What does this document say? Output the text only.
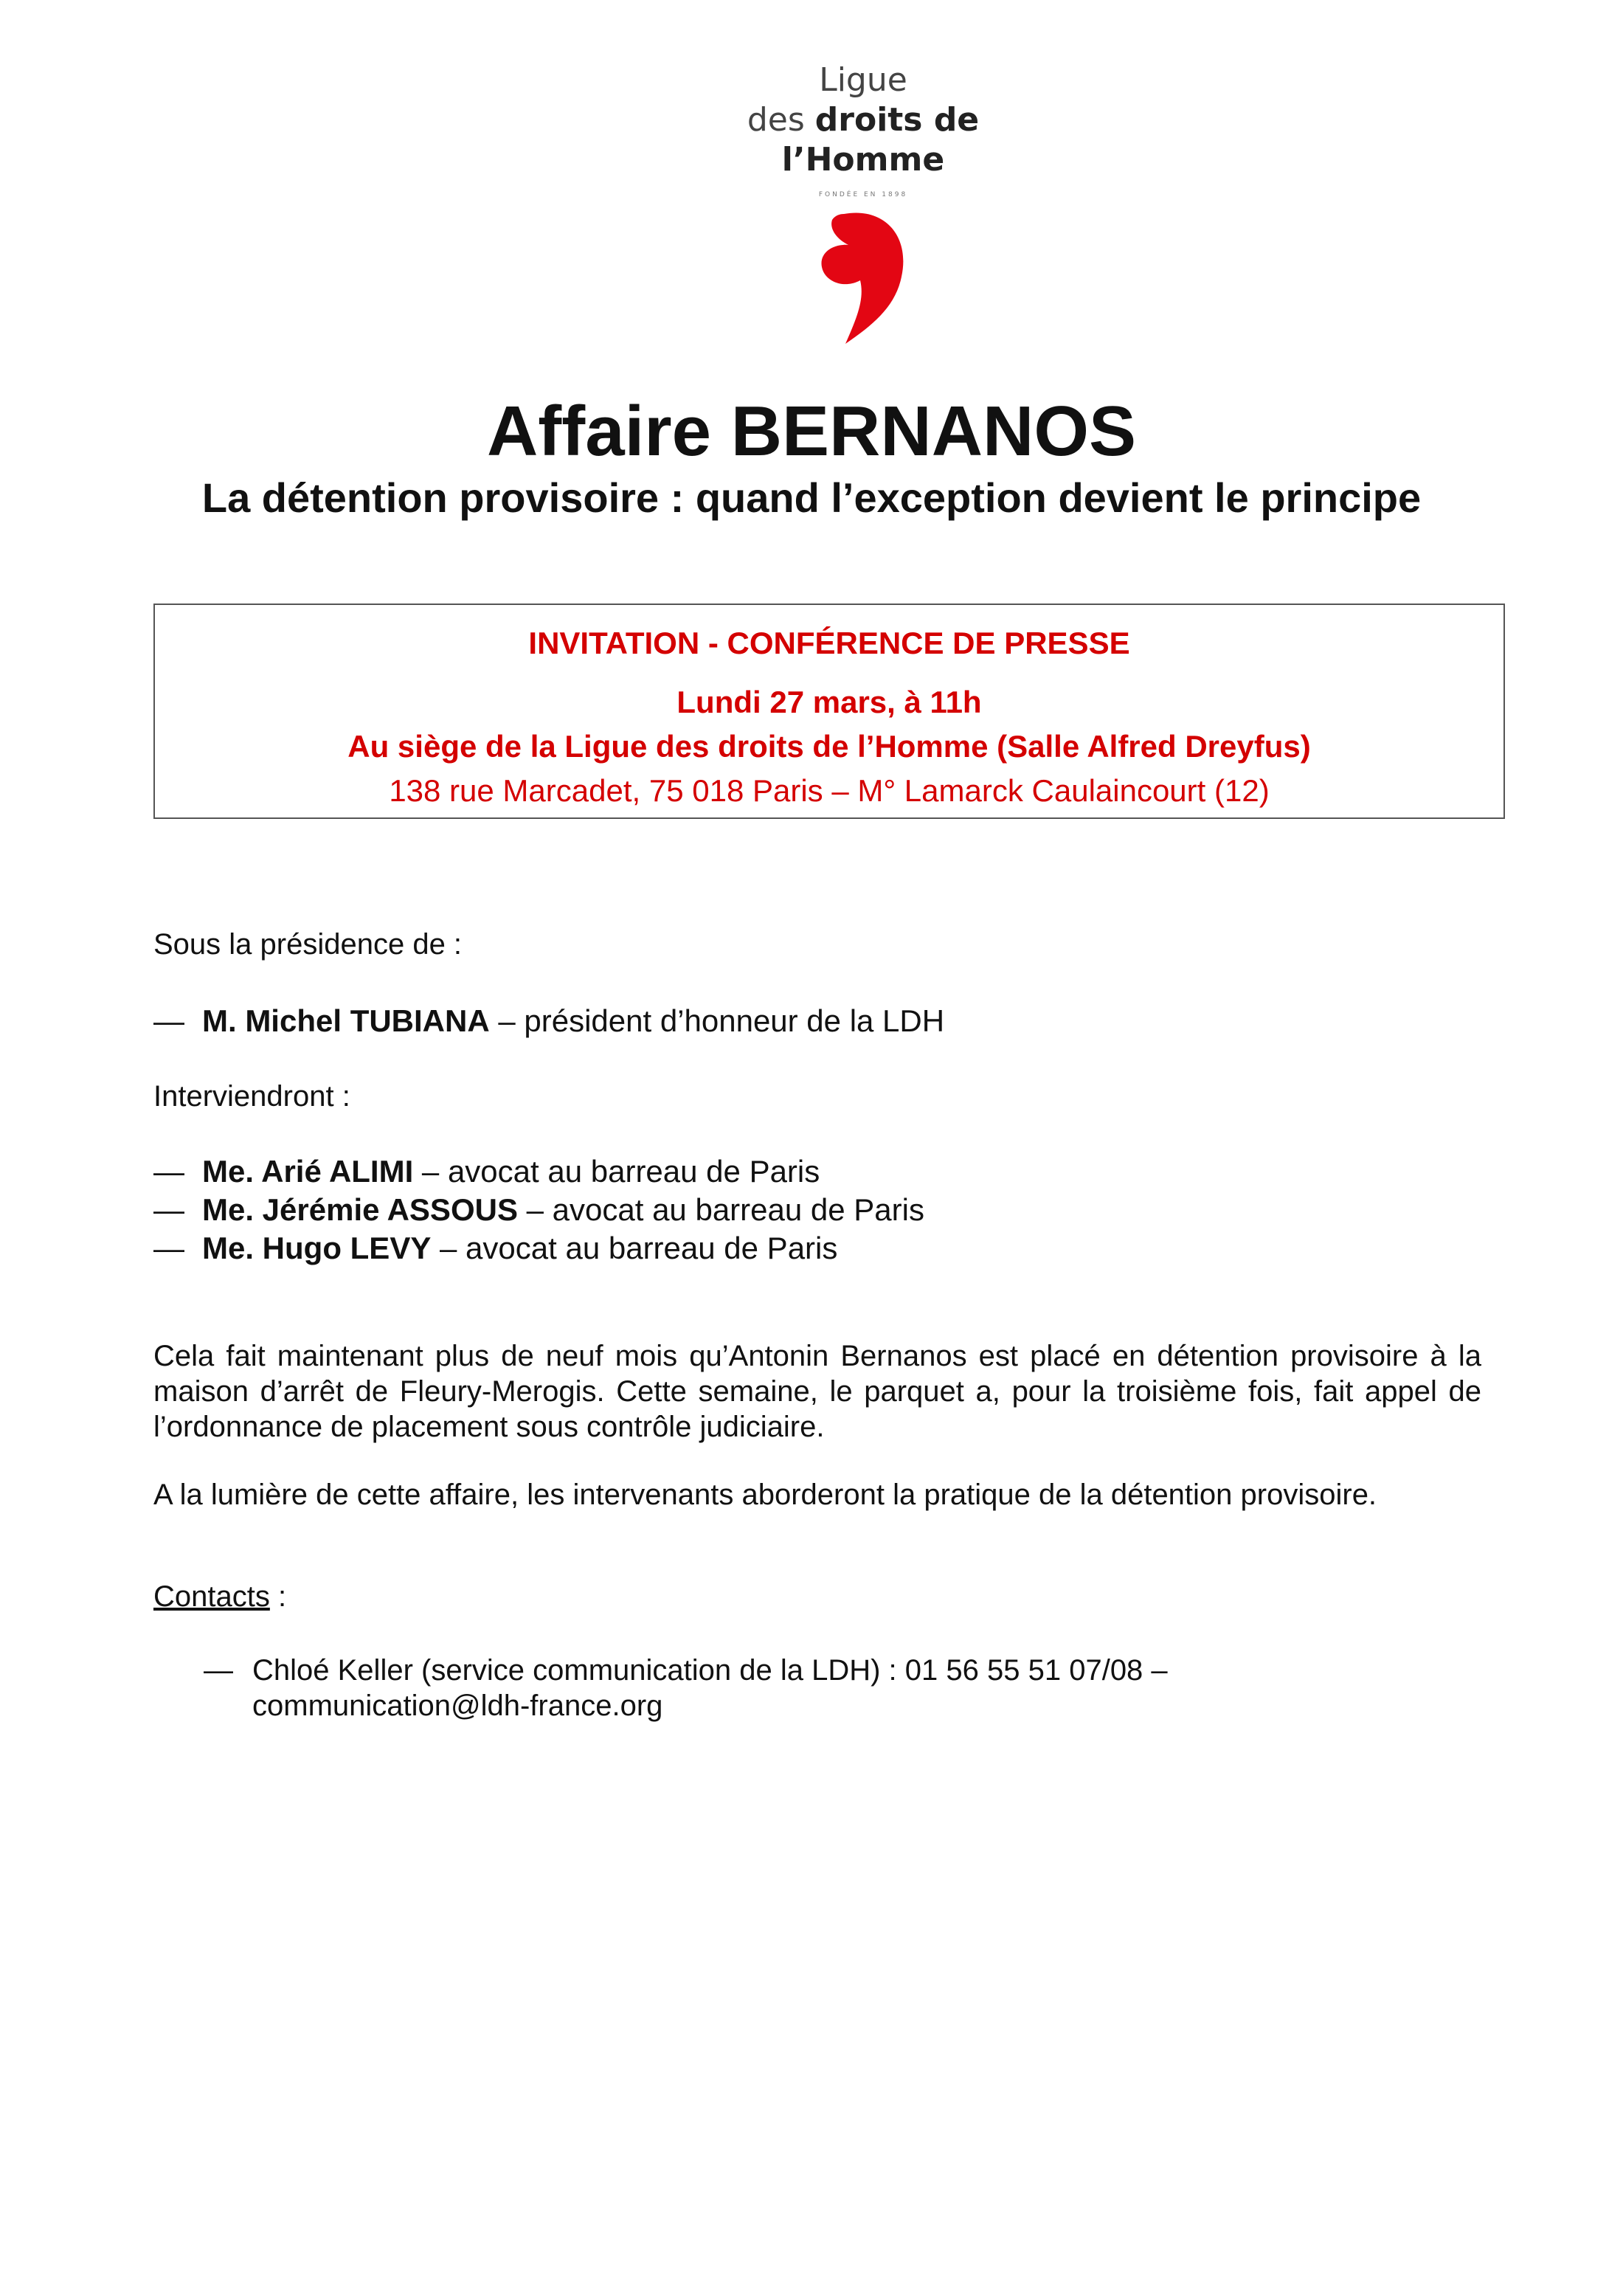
Ligue
des droits de
l’Homme
FONDÉE EN 1898
Affaire BERNANOS
La détention provisoire : quand l’exception devient le principe
INVITATION - CONFÉRENCE DE PRESSE
Lundi 27 mars, à 11h
Au siège de la Ligue des droits de l’Homme (Salle Alfred Dreyfus)
138 rue Marcadet, 75 018 Paris – M° Lamarck Caulaincourt (12)
Sous la présidence de :
— M. Michel TUBIANA – président d’honneur de la LDH
Interviendront :
— Me. Arié ALIMI – avocat au barreau de Paris
— Me. Jérémie ASSOUS – avocat au barreau de Paris
— Me. Hugo LEVY – avocat au barreau de Paris
Cela fait maintenant plus de neuf mois qu’Antonin Bernanos est placé en détention provisoire à la maison d’arrêt de Fleury-Merogis. Cette semaine, le parquet a, pour la troisième fois, fait appel de l’ordonnance de placement sous contrôle judiciaire.
A la lumière de cette affaire, les intervenants aborderont la pratique de la détention provisoire.
Contacts :
— Chloé Keller (service communication de la LDH) : 01 56 55 51 07/08 –
communication@ldh-france.org
